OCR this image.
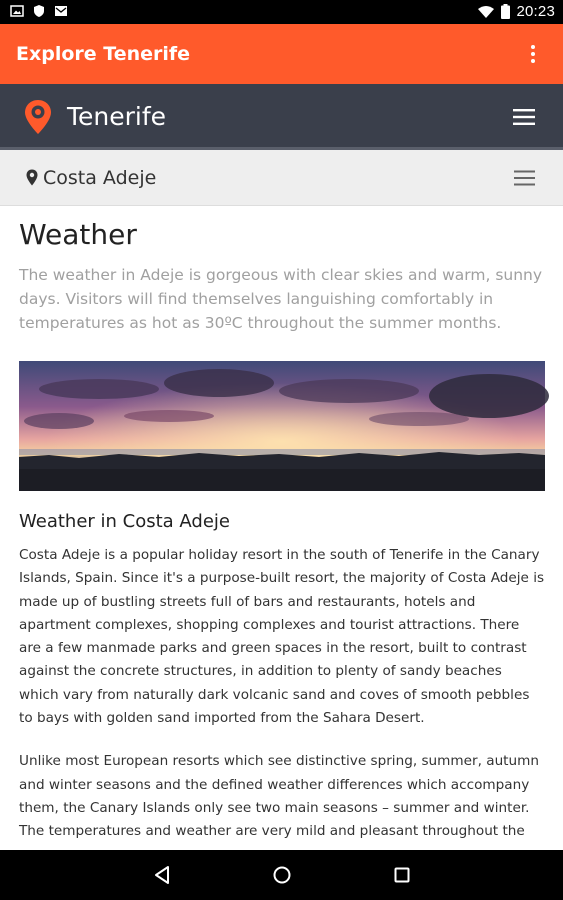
20:23
Explore Tenerife
Tenerife
Costa Adeje
Weather

The weather in Adeje is gorgeous with clear skies and warm, sunny days. Visitors will find themselves languishing comfortably in temperatures as hot as 30ºC throughout the summer months.

Weather in Costa Adeje

Costa Adeje is a popular holiday resort in the south of Tenerife in the Canary Islands, Spain. Since it's a purpose-built resort, the majority of Costa Adeje is made up of bustling streets full of bars and restaurants, hotels and apartment complexes, shopping complexes and tourist attractions. There are a few manmade parks and green spaces in the resort, built to contrast against the concrete structures, in addition to plenty of sandy beaches which vary from naturally dark volcanic sand and coves of smooth pebbles to bays with golden sand imported from the Sahara Desert.

Unlike most European resorts which see distinctive spring, summer, autumn and winter seasons and the defined weather differences which accompany them, the Canary Islands only see two main seasons – summer and winter. The temperatures and weather are very mild and pleasant throughout the
